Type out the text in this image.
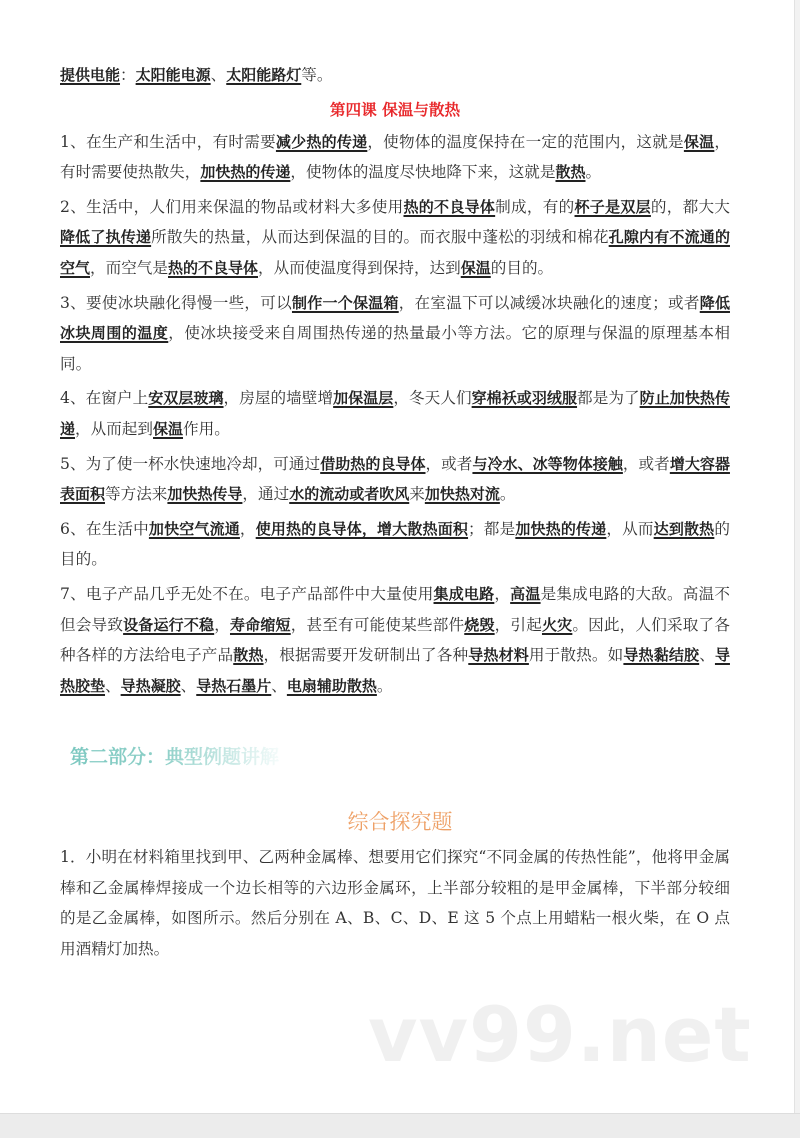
提供电能：太阳能电源、太阳能路灯等。

第四课 保温与散热

1、在生产和生活中，有时需要减少热的传递，使物体的温度保持在一定的范围内，这就是保温，有时需要使热散失，加快热的传递，使物体的温度尽快地降下来，这就是散热。

2、生活中，人们用来保温的物品或材料大多使用热的不良导体制成，有的杯子是双层的，都大大降低了执传递所散失的热量，从而达到保温的目的。而衣服中蓬松的羽绒和棉花孔隙内有不流通的空气，而空气是热的不良导体，从而使温度得到保持，达到保温的目的。

3、要使冰块融化得慢一些，可以制作一个保温箱，在室温下可以减缓冰块融化的速度；或者降低冰块周围的温度，使冰块接受来自周围热传递的热量最小等方法。它的原理与保温的原理基本相同。

4、在窗户上安双层玻璃，房屋的墙壁增加保温层，冬天人们穿棉袄或羽绒服都是为了防止加快热传递，从而起到保温作用。

5、为了使一杯水快速地冷却，可通过借助热的良导体，或者与冷水、冰等物体接触，或者增大容器表面积等方法来加快热传导，通过水的流动或者吹风来加快热对流。

6、在生活中加快空气流通，使用热的良导体，增大散热面积；都是加快热的传递，从而达到散热的目的。

7、电子产品几乎无处不在。电子产品部件中大量使用集成电路，高温是集成电路的大敌。高温不但会导致设备运行不稳，寿命缩短，甚至有可能使某些部件烧毁，引起火灾。因此，人们采取了各种各样的方法给电子产品散热，根据需要开发研制出了各种导热材料用于散热。如导热黏结胶、导热胶垫、导热凝胶、导热石墨片、电扇辅助散热。

第二部分：典型例题讲解
综合探究题

1．小明在材料箱里找到甲、乙两种金属棒、想要用它们探究“不同金属的传热性能”，他将甲金属棒和乙金属棒焊接成一个边长相等的六边形金属环，上半部分较粗的是甲金属棒，下半部分较细的是乙金属棒，如图所示。然后分别在 A、B、C、D、E 这 5 个点上用蜡粘一根火柴，在 O 点用酒精灯加热。

vv99.net
